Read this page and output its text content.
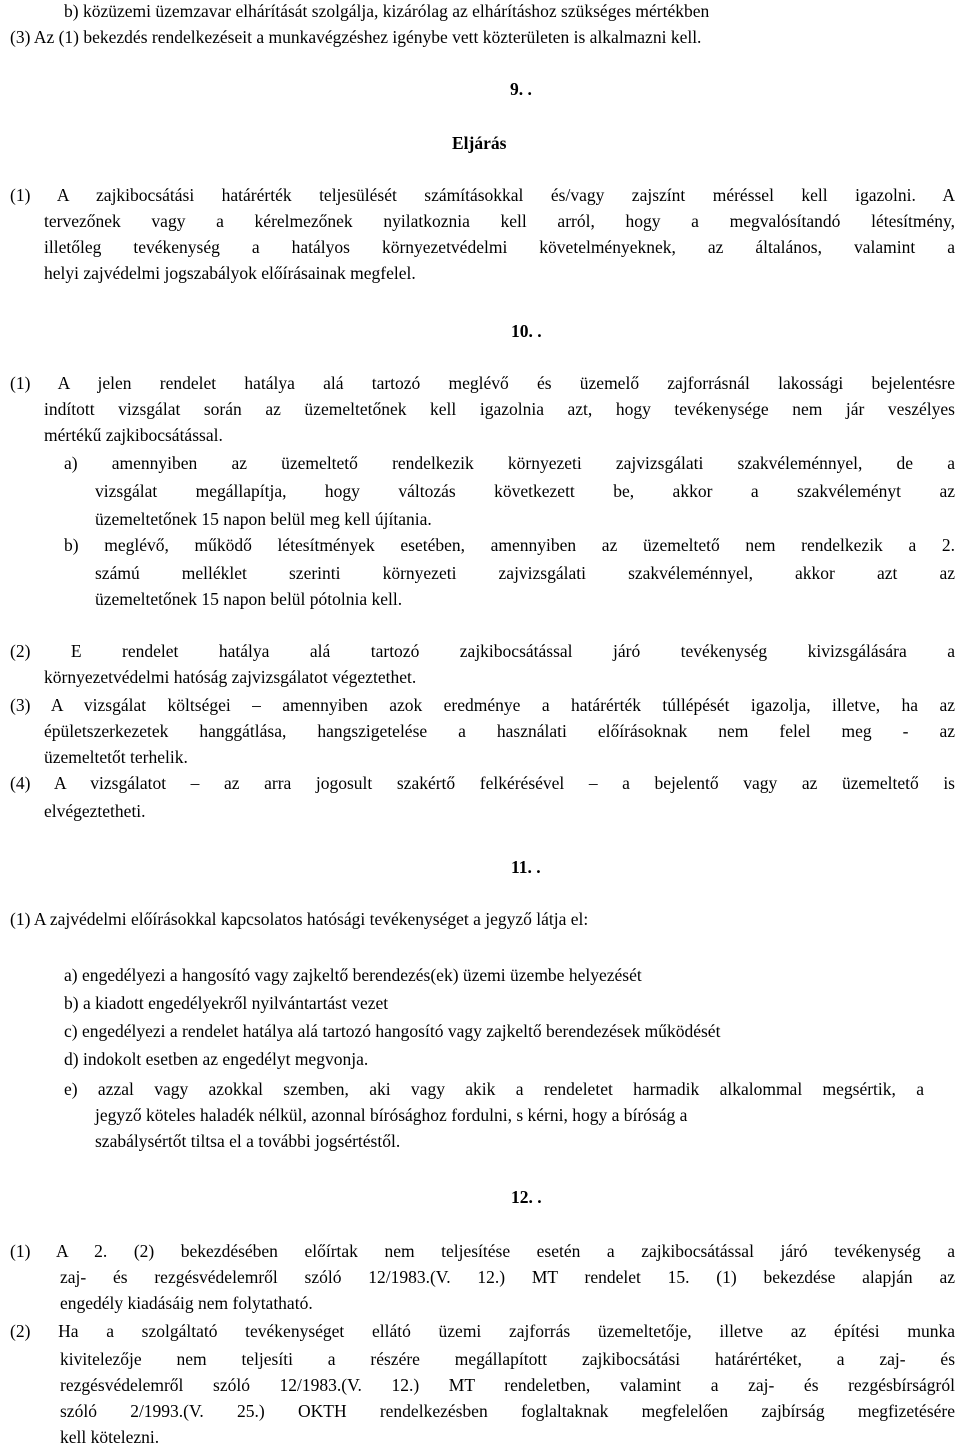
b) közüzemi üzemzavar elhárítását szolgálja, kizárólag az elhárításhoz szükséges mértékben
(3) Az (1) bekezdés rendelkezéseit a munkavégzéshez igénybe vett közterületen is alkalmazni kell.
9. .
Eljárás
(1) A zajkibocsátási határérték teljesülését számításokkal és/vagy zajszínt méréssel kell igazolni. A
tervezőnek vagy a kérelmezőnek nyilatkoznia kell arról, hogy a megvalósítandó létesítmény,
illetőleg tevékenység a hatályos környezetvédelmi követelményeknek, az általános, valamint a
helyi zajvédelmi jogszabályok előírásainak megfelel.
10. .
(1) A jelen rendelet hatálya alá tartozó meglévő és üzemelő zajforrásnál lakossági bejelentésre
indított vizsgálat során az üzemeltetőnek kell igazolnia azt, hogy tevékenysége nem jár veszélyes
mértékű zajkibocsátással.
a) amennyiben az üzemeltető rendelkezik környezeti zajvizsgálati szakvéleménnyel, de a
vizsgálat megállapítja, hogy változás következett be, akkor a szakvéleményt az
üzemeltetőnek 15 napon belül meg kell újítania.
b) meglévő, működő létesítmények esetében, amennyiben az üzemeltető nem rendelkezik a 2.
számú melléklet szerinti környezeti zajvizsgálati szakvéleménnyel, akkor azt az
üzemeltetőnek 15 napon belül pótolnia kell.
(2) E rendelet hatálya alá tartozó zajkibocsátással járó tevékenység kivizsgálására a
környezetvédelmi hatóság zajvizsgálatot végeztethet.
(3) A vizsgálat költségei – amennyiben azok eredménye a határérték túllépését igazolja, illetve, ha az
épületszerkezetek hanggátlása, hangszigetelése a használati előírásoknak nem felel meg - az
üzemeltetőt terhelik.
(4) A vizsgálatot – az arra jogosult szakértő felkérésével – a bejelentő vagy az üzemeltető is
elvégeztetheti.
11. .
(1) A zajvédelmi előírásokkal kapcsolatos hatósági tevékenységet a jegyző látja el:
a) engedélyezi a hangosító vagy zajkeltő berendezés(ek) üzemi üzembe helyezését
b) a kiadott engedélyekről nyilvántartást vezet
c) engedélyezi a rendelet hatálya alá tartozó hangosító vagy zajkeltő berendezések működését
d) indokolt esetben az engedélyt megvonja.
e) azzal vagy azokkal szemben, aki vagy akik a rendeletet harmadik alkalommal megsértik, a
jegyző köteles haladék nélkül, azonnal bírósághoz fordulni, s kérni, hogy a bíróság a
szabálysértőt tiltsa el a további jogsértéstől.
12. .
(1) A 2. (2) bekezdésében előírtak nem teljesítése esetén a zajkibocsátással járó tevékenység a
zaj- és rezgésvédelemről szóló 12/1983.(V. 12.) MT rendelet 15. (1) bekezdése alapján az
engedély kiadásáig nem folytatható.
(2) Ha a szolgáltató tevékenységet ellátó üzemi zajforrás üzemeltetője, illetve az építési munka
kivitelezője nem teljesíti a részére megállapított zajkibocsátási határértéket, a zaj- és
rezgésvédelemről szóló 12/1983.(V. 12.) MT rendeletben, valamint a zaj- és rezgésbírságról
szóló 2/1993.(V. 25.) OKTH rendelkezésben foglaltaknak megfelelően zajbírság megfizetésére
kell kötelezni.
